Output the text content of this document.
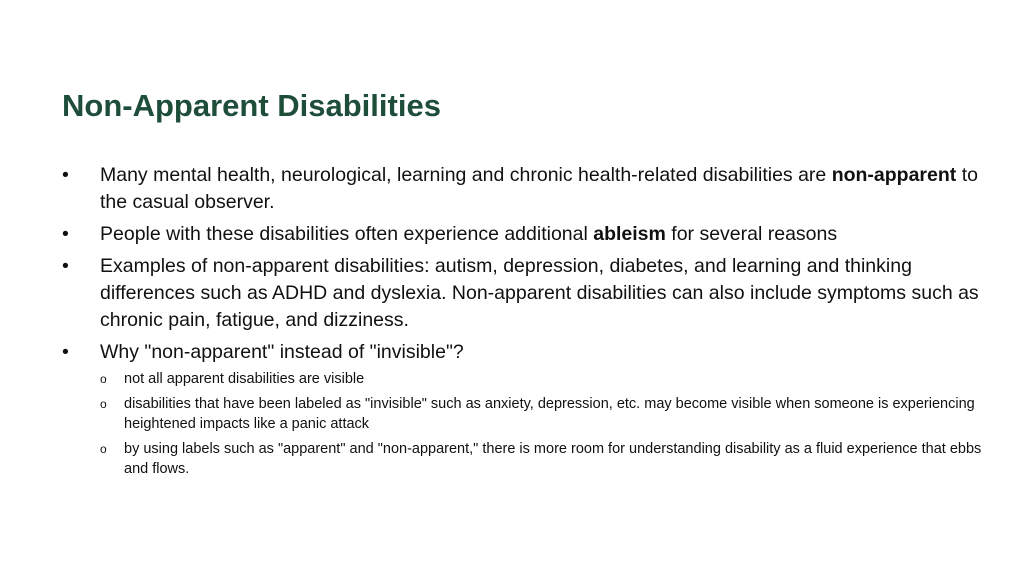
Non-Apparent Disabilities
•	Many mental health, neurological, learning and chronic health-related disabilities are non-apparent to the casual observer.
•	People with these disabilities often experience additional ableism for several reasons
•	Examples of non-apparent disabilities: autism, depression, diabetes, and learning and thinking differences such as ADHD and dyslexia. Non-apparent disabilities can also include symptoms such as chronic pain, fatigue, and dizziness.
•	Why "non-apparent" instead of "invisible"?
o not all apparent disabilities are visible
o disabilities that have been labeled as "invisible" such as anxiety, depression, etc. may become visible when someone is experiencing heightened impacts like a panic attack
o by using labels such as "apparent" and "non-apparent," there is more room for understanding disability as a fluid experience that ebbs and flows.
